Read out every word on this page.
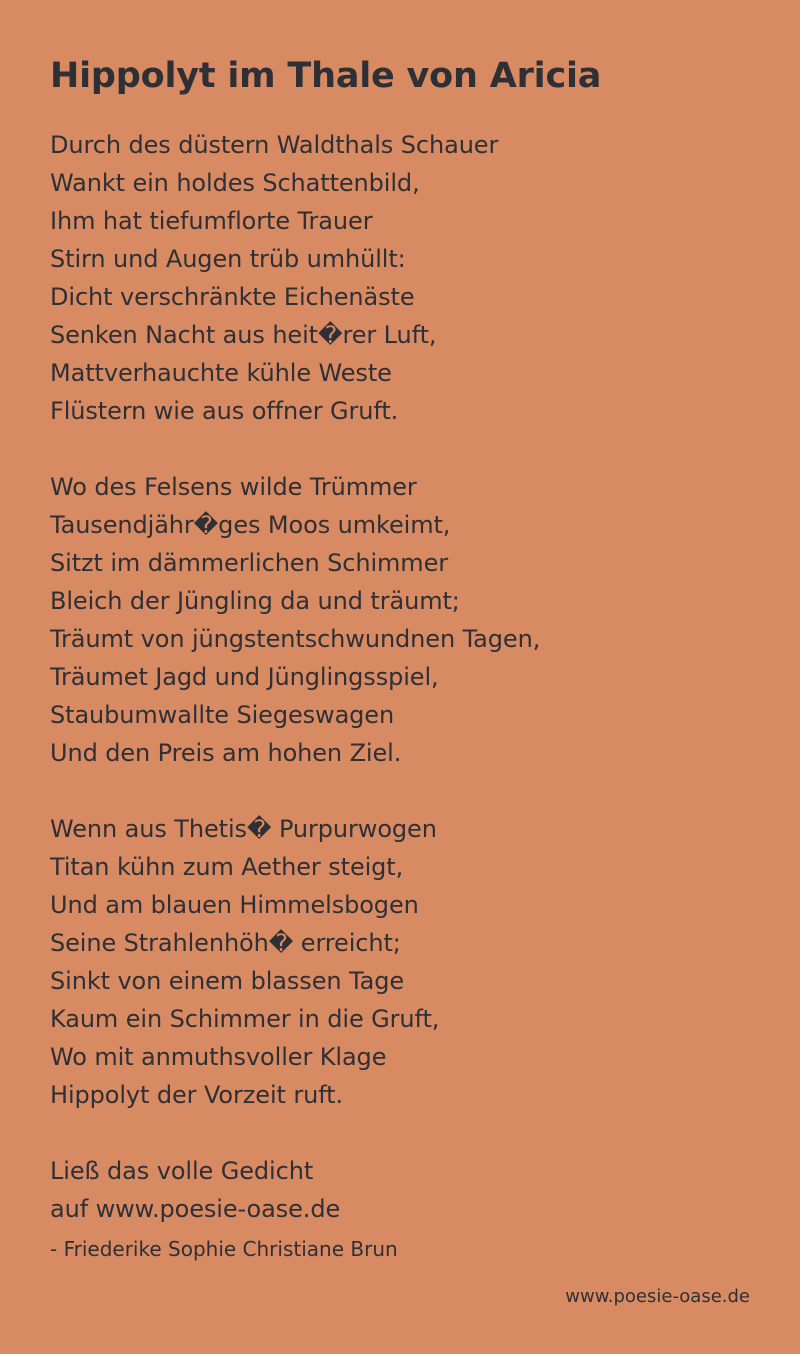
Hippolyt im Thale von Aricia
Durch des düstern Waldthals Schauer
Wankt ein holdes Schattenbild,
Ihm hat tiefumflorte Trauer
Stirn und Augen trüb umhüllt:
Dicht verschränkte Eichenäste
Senken Nacht aus heit�rer Luft,
Mattverhauchte kühle Weste
Flüstern wie aus offner Gruft.
Wo des Felsens wilde Trümmer
Tausendjähr�ges Moos umkeimt,
Sitzt im dämmerlichen Schimmer
Bleich der Jüngling da und träumt;
Träumt von jüngstentschwundnen Tagen,
Träumet Jagd und Jünglingsspiel,
Staubumwallte Siegeswagen
Und den Preis am hohen Ziel.
Wenn aus Thetis� Purpurwogen
Titan kühn zum Aether steigt,
Und am blauen Himmelsbogen
Seine Strahlenhöh� erreicht;
Sinkt von einem blassen Tage
Kaum ein Schimmer in die Gruft,
Wo mit anmuthsvoller Klage
Hippolyt der Vorzeit ruft.
Ließ das volle Gedicht
auf www.poesie-oase.de
- Friederike Sophie Christiane Brun
www.poesie-oase.de
